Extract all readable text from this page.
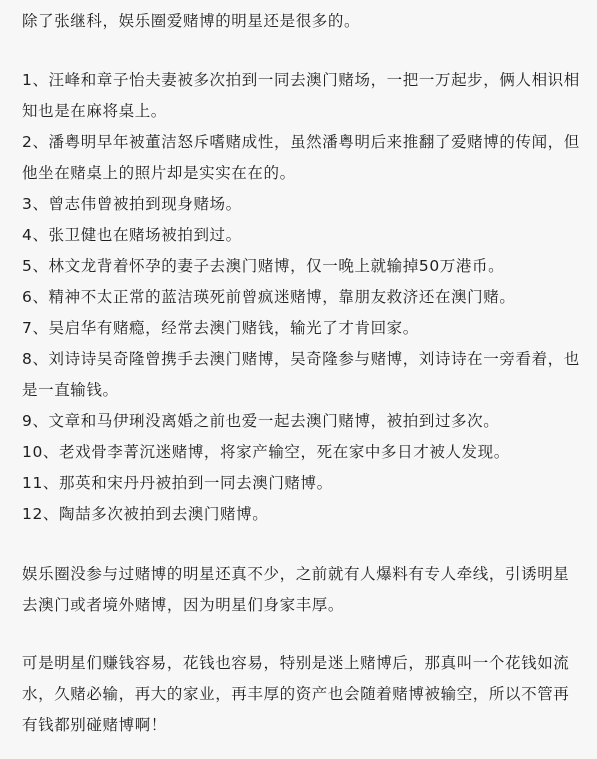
除了张继科，娱乐圈爱赌博的明星还是很多的。

1、汪峰和章子怡夫妻被多次拍到一同去澳门赌场，一把一万起步，俩人相识相知也是在麻将桌上。
2、潘粤明早年被董洁怒斥嗜赌成性，虽然潘粤明后来推翻了爱赌博的传闻，但他坐在赌桌上的照片却是实实在在的。
3、曾志伟曾被拍到现身赌场。
4、张卫健也在赌场被拍到过。
5、林文龙背着怀孕的妻子去澳门赌博，仅一晚上就输掉50万港币。
6、精神不太正常的蓝洁瑛死前曾疯迷赌博，靠朋友救济还在澳门赌。
7、吴启华有赌瘾，经常去澳门赌钱，输光了才肯回家。
8、刘诗诗吴奇隆曾携手去澳门赌博，吴奇隆参与赌博，刘诗诗在一旁看着，也是一直输钱。
9、文章和马伊琍没离婚之前也爱一起去澳门赌博，被拍到过多次。
10、老戏骨李菁沉迷赌博，将家产输空，死在家中多日才被人发现。
11、那英和宋丹丹被拍到一同去澳门赌博。
12、陶喆多次被拍到去澳门赌博。

娱乐圈没参与过赌博的明星还真不少，之前就有人爆料有专人牵线，引诱明星去澳门或者境外赌博，因为明星们身家丰厚。

可是明星们赚钱容易，花钱也容易，特别是迷上赌博后，那真叫一个花钱如流水，久赌必输，再大的家业，再丰厚的资产也会随着赌博被输空，所以不管再有钱都别碰赌博啊！
